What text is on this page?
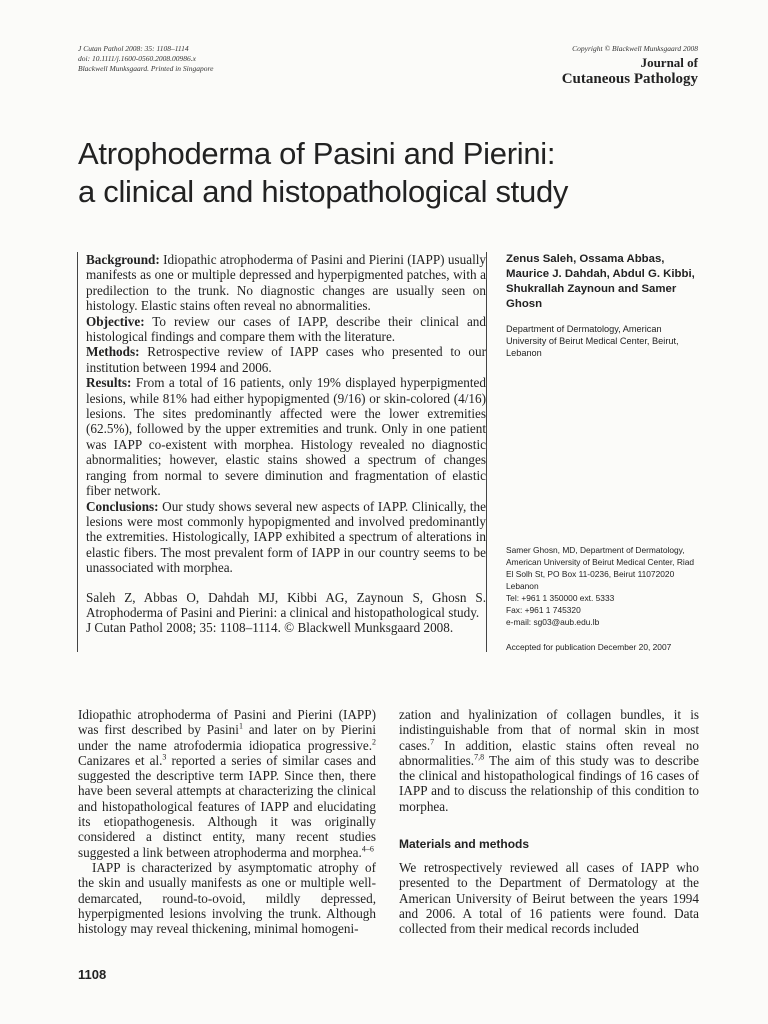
J Cutan Pathol 2008: 35: 1108–1114
doi: 10.1111/j.1600-0560.2008.00986.x
Blackwell Munksgaard. Printed in Singapore
Copyright © Blackwell Munksgaard 2008
Journal of
Cutaneous Pathology
Atrophoderma of Pasini and Pierini:
a clinical and histopathological study

Background: Idiopathic atrophoderma of Pasini and Pierini (IAPP) usually manifests as one or multiple depressed and hyperpigmented patches, with a predilection to the trunk. No diagnostic changes are usually seen on histology. Elastic stains often reveal no abnormalities.

Objective: To review our cases of IAPP, describe their clinical and histological findings and compare them with the literature.

Methods: Retrospective review of IAPP cases who presented to our institution between 1994 and 2006.

Results: From a total of 16 patients, only 19% displayed hyperpigmented lesions, while 81% had either hypopigmented (9/16) or skin-colored (4/16) lesions. The sites predominantly affected were the lower extremities (62.5%), followed by the upper extremities and trunk. Only in one patient was IAPP co-existent with morphea. Histology revealed no diagnostic abnormalities; however, elastic stains showed a spectrum of changes ranging from normal to severe diminution and fragmentation of elastic fiber network.

Conclusions: Our study shows several new aspects of IAPP. Clinically, the lesions were most commonly hypopigmented and involved predominantly the extremities. Histologically, IAPP exhibited a spectrum of alterations in elastic fibers. The most prevalent form of IAPP in our country seems to be unassociated with morphea.

Saleh Z, Abbas O, Dahdah MJ, Kibbi AG, Zaynoun S, Ghosn S. Atrophoderma of Pasini and Pierini: a clinical and histopathological study.
J Cutan Pathol 2008; 35: 1108–1114. © Blackwell Munksgaard 2008.

Zenus Saleh, Ossama Abbas, Maurice J. Dahdah, Abdul G. Kibbi, Shukrallah Zaynoun and Samer Ghosn
Department of Dermatology, American University of Beirut Medical Center, Beirut, Lebanon
Samer Ghosn, MD, Department of Dermatology,
American University of Beirut Medical Center, Riad
El Solh St, PO Box 11-0236, Beirut 11072020
Lebanon
Tel: +961 1 350000 ext. 5333
Fax: +961 1 745320
e-mail: sg03@aub.edu.lb
Accepted for publication December 20, 2007

Idiopathic atrophoderma of Pasini and Pierini (IAPP) was first described by Pasini$^1$ and later on by Pierini under the name atrofodermia idiopatica progressive.$^2$ Canizares et al.$^3$ reported a series of similar cases and suggested the descriptive term IAPP. Since then, there have been several attempts at characterizing the clinical and histopathological features of IAPP and elucidating its etiopathogenesis. Although it was originally considered a distinct entity, many recent studies suggested a link between atrophoderma and morphea.$^{4-6}$

IAPP is characterized by asymptomatic atrophy of the skin and usually manifests as one or multiple well-demarcated, round-to-ovoid, mildly depressed, hyperpigmented lesions involving the trunk. Although histology may reveal thickening, minimal homogeni-

zation and hyalinization of collagen bundles, it is indistinguishable from that of normal skin in most cases.$^7$ In addition, elastic stains often reveal no abnormalities.$^{7,8}$ The aim of this study was to describe the clinical and histopathological findings of 16 cases of IAPP and to discuss the relationship of this condition to morphea.

Materials and methods

We retrospectively reviewed all cases of IAPP who presented to the Department of Dermatology at the American University of Beirut between the years 1994 and 2006. A total of 16 patients were found. Data collected from their medical records included

1108
